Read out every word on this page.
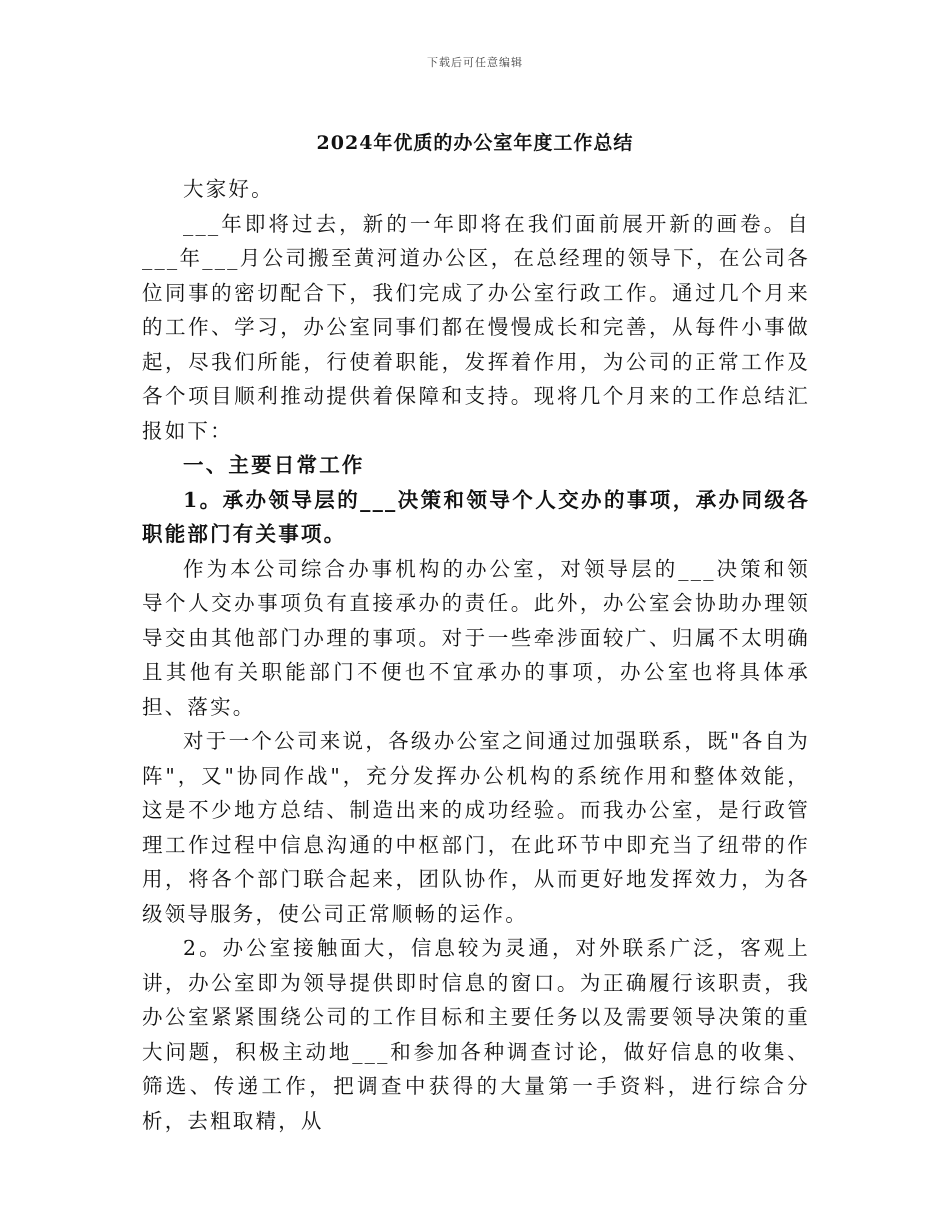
下载后可任意编辑
2024年优质的办公室年度工作总结

大家好。

___年即将过去，新的一年即将在我们面前展开新的画卷。自___年___月公司搬至黄河道办公区，在总经理的领导下，在公司各位同事的密切配合下，我们完成了办公室行政工作。通过几个月来的工作、学习，办公室同事们都在慢慢成长和完善，从每件小事做起，尽我们所能，行使着职能，发挥着作用，为公司的正常工作及各个项目顺利推动提供着保障和支持。现将几个月来的工作总结汇报如下：

一、主要日常工作

1。承办领导层的___决策和领导个人交办的事项，承办同级各职能部门有关事项。

作为本公司综合办事机构的办公室，对领导层的___决策和领导个人交办事项负有直接承办的责任。此外，办公室会协助办理领导交由其他部门办理的事项。对于一些牵涉面较广、归属不太明确且其他有关职能部门不便也不宜承办的事项，办公室也将具体承担、落实。

对于一个公司来说，各级办公室之间通过加强联系，既"各自为阵"，又"协同作战"，充分发挥办公机构的系统作用和整体效能，这是不少地方总结、制造出来的成功经验。而我办公室，是行政管理工作过程中信息沟通的中枢部门，在此环节中即充当了纽带的作用，将各个部门联合起来，团队协作，从而更好地发挥效力，为各级领导服务，使公司正常顺畅的运作。

2。办公室接触面大，信息较为灵通，对外联系广泛，客观上讲，办公室即为领导提供即时信息的窗口。为正确履行该职责，我办公室紧紧围绕公司的工作目标和主要任务以及需要领导决策的重大问题，积极主动地___和参加各种调查讨论，做好信息的收集、筛选、传递工作，把调查中获得的大量第一手资料，进行综合分析，去粗取精，从
